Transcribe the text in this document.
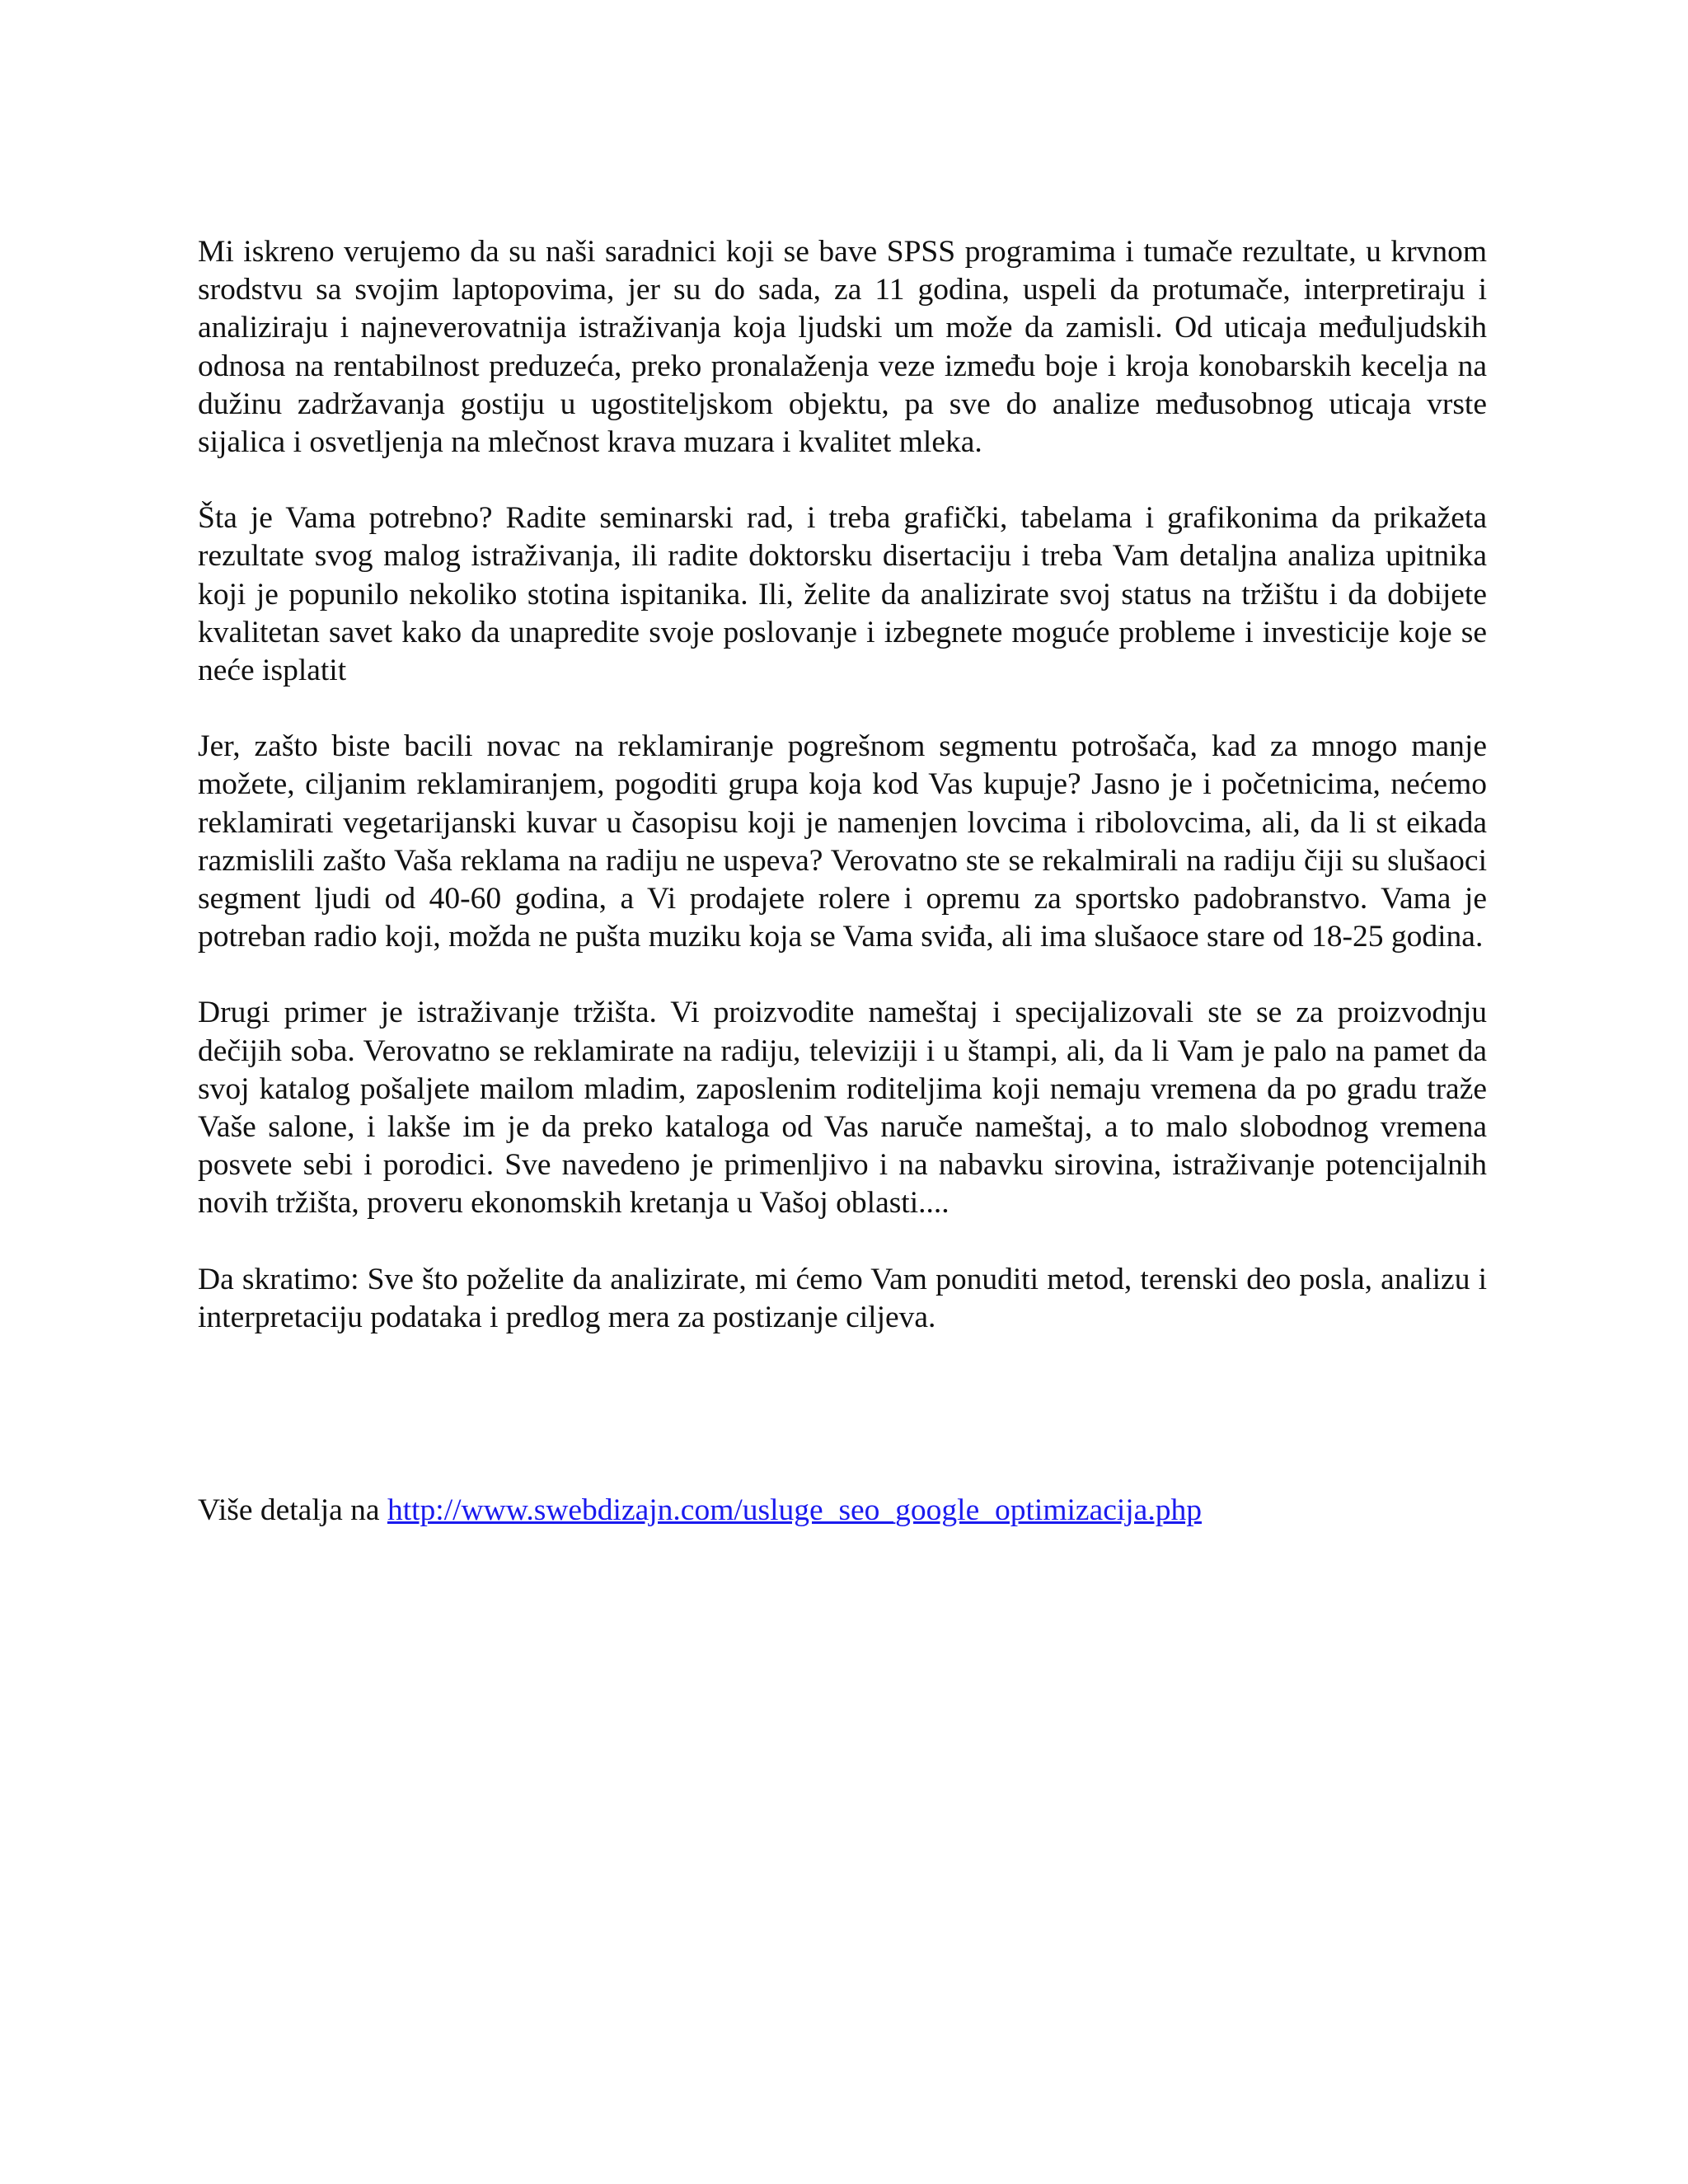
Mi iskreno verujemo da su naši saradnici koji se bave SPSS programima i tumače rezultate, u krvnom srodstvu sa svojim laptopovima, jer su do sada, za 11 godina, uspeli da protumače, interpretiraju i analiziraju i najneverovatnija istraživanja koja ljudski um može da zamisli. Od uticaja međuljudskih odnosa na rentabilnost preduzeća, preko pronalaženja veze između boje i kroja konobarskih kecelja na dužinu zadržavanja gostiju u ugostiteljskom objektu, pa sve do analize međusobnog uticaja vrste sijalica i osvetljenja na mlečnost krava muzara i kvalitet mleka.

Šta je Vama potrebno? Radite seminarski rad, i treba grafički, tabelama i grafikonima da prikažeta rezultate svog malog istraživanja, ili radite doktorsku disertaciju i treba Vam detaljna analiza upitnika koji je popunilo nekoliko stotina ispitanika. Ili, želite da analizirate svoj status na tržištu i da dobijete kvalitetan savet kako da unapredite svoje poslovanje i izbegnete moguće probleme i investicije koje se neće isplatit

Jer, zašto biste bacili novac na reklamiranje pogrešnom segmentu potrošača, kad za mnogo manje možete, ciljanim reklamiranjem, pogoditi grupa koja kod Vas kupuje? Jasno je i početnicima, nećemo reklamirati vegetarijanski kuvar u časopisu koji je namenjen lovcima i ribolovcima, ali, da li st eikada razmislili zašto Vaša reklama na radiju ne uspeva? Verovatno ste se rekalmirali na radiju čiji su slušaoci segment ljudi od 40-60 godina, a Vi prodajete rolere i opremu za sportsko padobranstvo. Vama je potreban radio koji, možda ne pušta muziku koja se Vama sviđa, ali ima slušaoce stare od 18-25 godina.

Drugi primer je istraživanje tržišta. Vi proizvodite nameštaj i specijalizovali ste se za proizvodnju dečijih soba. Verovatno se reklamirate na radiju, televiziji i u štampi, ali, da li Vam je palo na pamet da svoj katalog pošaljete mailom mladim, zaposlenim roditeljima koji nemaju vremena da po gradu traže Vaše salone, i lakše im je da preko kataloga od Vas naruče nameštaj, a to malo slobodnog vremena posvete sebi i porodici. Sve navedeno je primenljivo i na nabavku sirovina, istraživanje potencijalnih novih tržišta, proveru ekonomskih kretanja u Vašoj oblasti....

Da skratimo: Sve što poželite da analizirate, mi ćemo Vam ponuditi metod, terenski deo posla, analizu i interpretaciju podataka i predlog mera za postizanje ciljeva.

Više detalja na http://www.swebdizajn.com/usluge_seo_google_optimizacija.php
